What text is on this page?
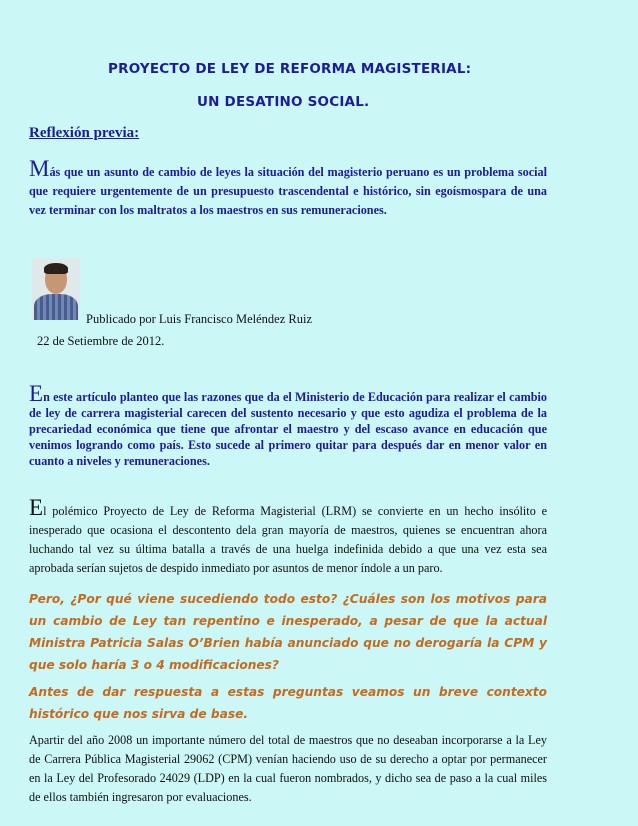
PROYECTO DE LEY DE REFORMA MAGISTERIAL:

UN DESATINO SOCIAL.

Reflexión previa:

Más que un asunto de cambio de leyes la situación del magisterio peruano es un problema social que requiere urgentemente de un presupuesto trascendental e histórico, sin egoísmospara de una vez terminar con los maltratos a los maestros en sus remuneraciones.

Publicado por Luis Francisco Meléndez Ruiz

22 de Setiembre de 2012.

En este artículo planteo que las razones que da el Ministerio de Educación para realizar el cambio de ley de carrera magisterial carecen del sustento necesario y que esto agudiza el problema de la precariedad económica que tiene que afrontar el maestro y del escaso avance en educación que venimos logrando como país. Esto sucede al primero quitar para después dar en menor valor en cuanto a niveles y remuneraciones.

El polémico Proyecto de Ley de Reforma Magisterial (LRM) se convierte en un hecho insólito e inesperado que ocasiona el descontento dela gran mayoría de maestros, quienes se encuentran ahora luchando tal vez su última batalla a través de una huelga indefinida debido a que una vez esta sea aprobada serían sujetos de despido inmediato por asuntos de menor índole a un paro.

Pero, ¿Por qué viene sucediendo todo esto? ¿Cuáles son los motivos para un cambio de Ley tan repentino e inesperado, a pesar de que la actual Ministra Patricia Salas O’Brien había anunciado que no derogaría la CPM y que solo haría 3 o 4 modificaciones?

Antes de dar respuesta a estas preguntas veamos un breve contexto histórico que nos sirva de base.

Apartir del año 2008 un importante número del total de maestros que no deseaban incorporarse a la Ley de Carrera Pública Magisterial 29062 (CPM) venían haciendo uso de su derecho a optar por permanecer en la Ley del Profesorado 24029 (LDP) en la cual fueron nombrados, y dicho sea de paso a la cual miles de ellos también ingresaron por evaluaciones.
